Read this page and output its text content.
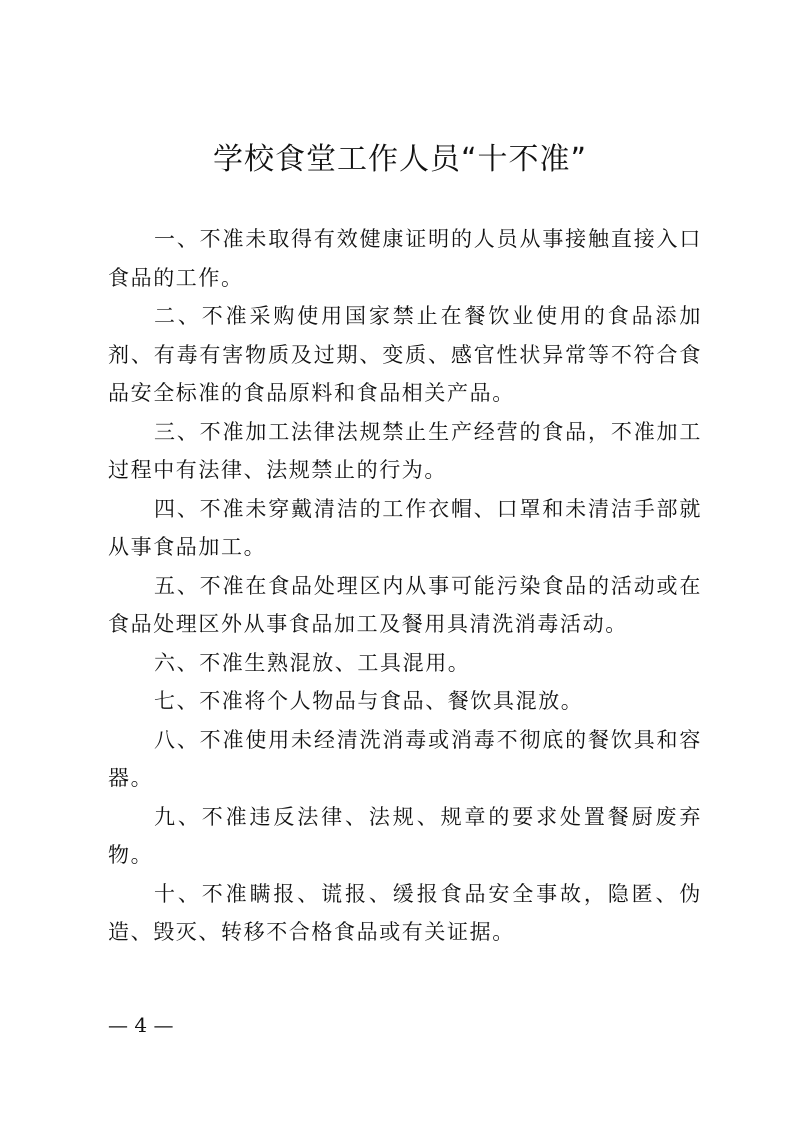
学校食堂工作人员“十不准”

一、不准未取得有效健康证明的人员从事接触直接入口食品的工作。

二、不准采购使用国家禁止在餐饮业使用的食品添加剂、有毒有害物质及过期、变质、感官性状异常等不符合食品安全标准的食品原料和食品相关产品。

三、不准加工法律法规禁止生产经营的食品，不准加工过程中有法律、法规禁止的行为。

四、不准未穿戴清洁的工作衣帽、口罩和未清洁手部就从事食品加工。

五、不准在食品处理区内从事可能污染食品的活动或在食品处理区外从事食品加工及餐用具清洗消毒活动。

六、不准生熟混放、工具混用。

七、不准将个人物品与食品、餐饮具混放。

八、不准使用未经清洗消毒或消毒不彻底的餐饮具和容器。

九、不准违反法律、法规、规章的要求处置餐厨废弃物。

十、不准瞒报、谎报、缓报食品安全事故，隐匿、伪造、毁灭、转移不合格食品或有关证据。

— 4 —
